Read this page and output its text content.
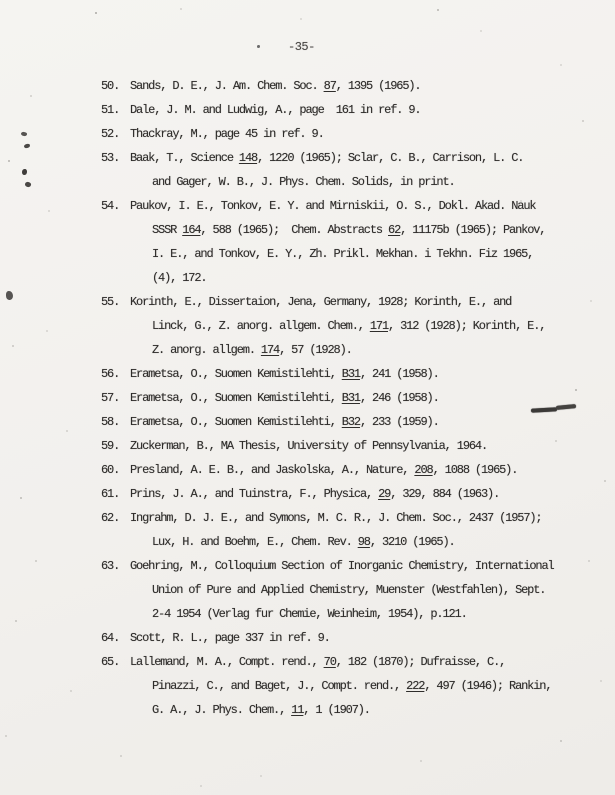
-35-
50. Sands, D. E., J. Am. Chem. Soc. 87, 1395 (1965).
51. Dale, J. M. and Ludwig, A., page  161 in ref. 9.
52. Thackray, M., page 45 in ref. 9.
53. Baak, T., Science 148, 1220 (1965); Sclar, C. B., Carrison, L. C.
and Gager, W. B., J. Phys. Chem. Solids, in print.
54. Paukov, I. E., Tonkov, E. Y. and Mirniskii, O. S., Dokl. Akad. Nauk
SSSR 164, 588 (1965);  Chem. Abstracts 62, 11175b (1965); Pankov,
I. E., and Tonkov, E. Y., Zh. Prikl. Mekhan. i Tekhn. Fiz 1965,
(4), 172.
55. Korinth, E., Dissertaion, Jena, Germany, 1928; Korinth, E., and
Linck, G., Z. anorg. allgem. Chem., 171, 312 (1928); Korinth, E.,
Z. anorg. allgem. 174, 57 (1928).
56. Erametsa, O., Suomen Kemistilehti, B31, 241 (1958).
57. Erametsa, O., Suomen Kemistilehti, B31, 246 (1958).
58. Erametsa, O., Suomen Kemistilehti, B32, 233 (1959).
59. Zuckerman, B., MA Thesis, University of Pennsylvania, 1964.
60. Presland, A. E. B., and Jaskolska, A., Nature, 208, 1088 (1965).
61. Prins, J. A., and Tuinstra, F., Physica, 29, 329, 884 (1963).
62. Ingrahm, D. J. E., and Symons, M. C. R., J. Chem. Soc., 2437 (1957);
Lux, H. and Boehm, E., Chem. Rev. 98, 3210 (1965).
63. Goehring, M., Colloquium Section of Inorganic Chemistry, International
Union of Pure and Applied Chemistry, Muenster (Westfahlen), Sept.
2-4 1954 (Verlag fur Chemie, Weinheim, 1954), p.121.
64. Scott, R. L., page 337 in ref. 9.
65. Lallemand, M. A., Compt. rend., 70, 182 (1870); Dufraisse, C.,
Pinazzi, C., and Baget, J., Compt. rend., 222, 497 (1946); Rankin,
G. A., J. Phys. Chem., 11, 1 (1907).
